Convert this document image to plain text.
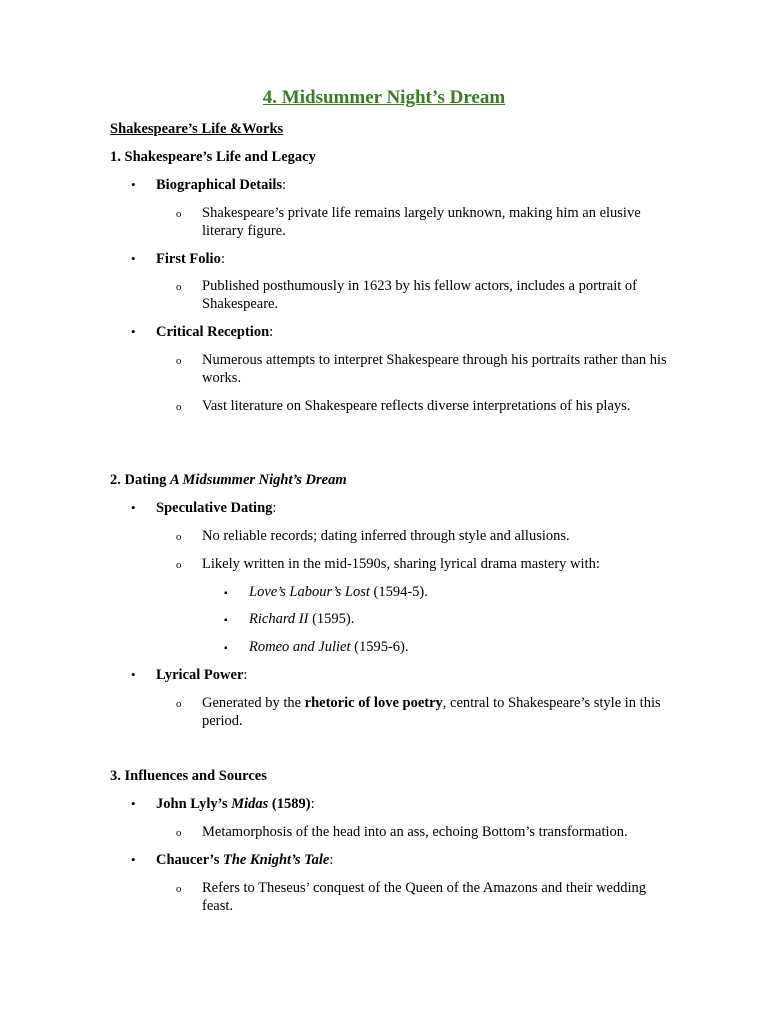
4. Midsummer Night’s Dream
Shakespeare’s Life &Works
1. Shakespeare’s Life and Legacy
• Biographical Details:
o	Shakespeare’s private life remains largely unknown, making him an elusive literary figure.
• First Folio:
o	Published posthumously in 1623 by his fellow actors, includes a portrait of Shakespeare.
• Critical Reception:
o	Numerous attempts to interpret Shakespeare through his portraits rather than his works.
o	Vast literature on Shakespeare reflects diverse interpretations of his plays.
2. Dating A Midsummer Night’s Dream
• Speculative Dating:
o	No reliable records; dating inferred through style and allusions.
o	Likely written in the mid-1590s, sharing lyrical drama mastery with:
▪ Love’s Labour’s Lost (1594-5).
▪ Richard II (1595).
▪ Romeo and Juliet (1595-6).
• Lyrical Power:
o	Generated by the rhetoric of love poetry, central to Shakespeare’s style in this period.
3. Influences and Sources
• John Lyly’s Midas (1589):
o	Metamorphosis of the head into an ass, echoing Bottom’s transformation.
• Chaucer’s The Knight’s Tale:
o	Refers to Theseus’ conquest of the Queen of the Amazons and their wedding feast.
